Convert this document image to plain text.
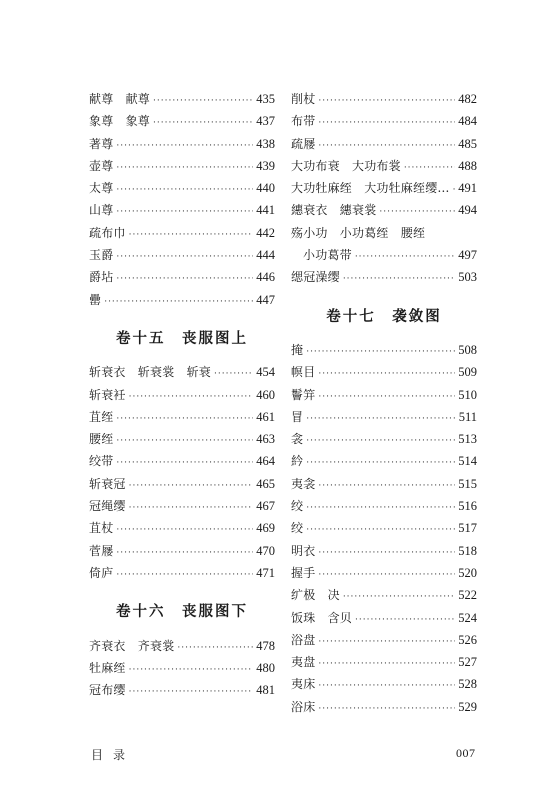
献尊　献尊 ·····	435
象尊　象尊 ·····	437
著尊 ·····	438
壶尊 ·····	439
太尊 ·····	440
山尊 ·····	441
疏布巾 ·····	442
玉爵 ·····	444
爵坫 ·····	446
罍 ·····	447
卷十五　丧服图上
斩衰衣　斩衰裳　斩衰 ·····	454
斩衰衽 ·····	460
苴绖 ·····	461
腰绖 ·····	463
绞带 ·····	464
斩衰冠 ·····	465
冠绳缨 ·····	467
苴杖 ·····	469
菅屦 ·····	470
倚庐 ·····	471
卷十六　丧服图下
齐衰衣　齐衰裳 ·····	478
牡麻绖 ·····	480
冠布缨 ·····	481
削杖 ·····	482
布带 ·····	484
疏屦 ·····	485
大功布衰　大功布裳 ·····	488
大功牡麻绖　大功牡麻绖缨… ····· 491
繐衰衣　繐衰裳 ·····	494
殇小功　小功葛绖　腰绖
小功葛带 ·····	497
缌冠澡缨 ·····	503
卷十七　袭敛图
掩 ·····	508
幎目 ·····	509
鬠笄 ·····	510
冒 ·····	511
衾 ·····	513
紟 ·····	514
夷衾 ·····	515
绞 ·····	516
绞 ·····	517
明衣 ·····	518
握手 ·····	520
纩极　决 ·····	522
饭珠　含贝 ·····	524
浴盘 ·····	526
夷盘 ·····	527
夷床 ·····	528
浴床 ·····	529
目录	007
